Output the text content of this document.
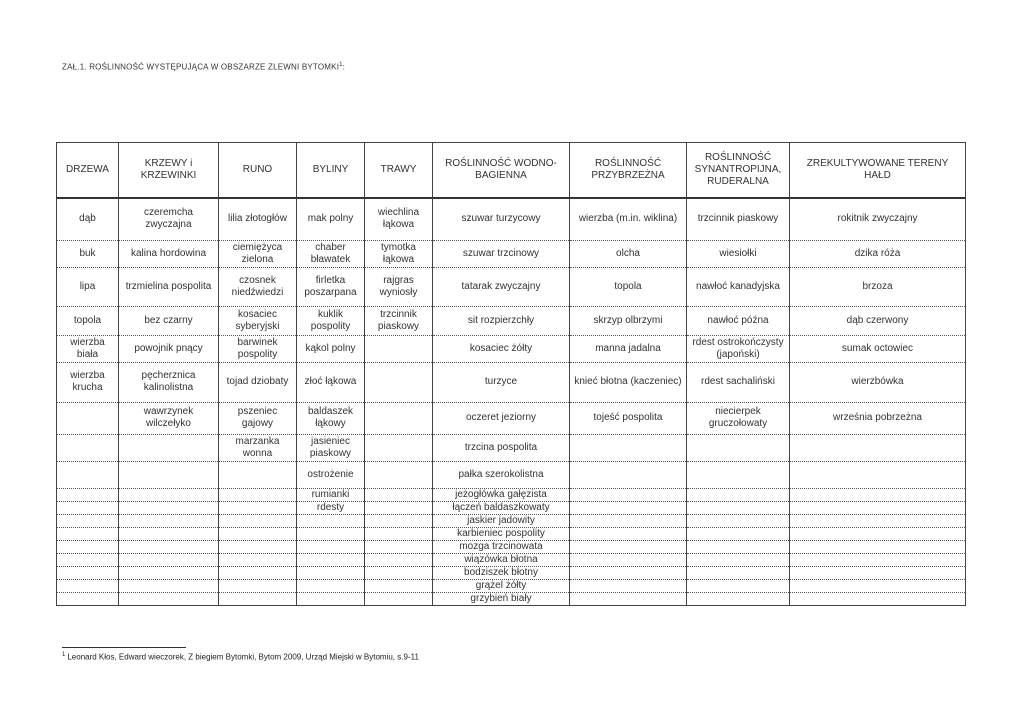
ZAŁ.1. ROŚLINNOŚĆ WYSTĘPUJĄCA W OBSZARZE ZLEWNI BYTOMKI$^1$:
DRZEWA	KRZEWY i KRZEWINKI	RUNO	BYLINY	TRAWY	ROŚLINNOŚĆ WODNO-BAGIENNA	ROŚLINNOŚĆ PRZYBRZEŻNA	ROŚLINNOŚĆ SYNANTROPIJNA, RUDERALNA	ZREKULTYWOWANE TERENY HAŁD
dąb	czeremcha zwyczajna	lilia złotogłów	mak polny	wiechlina łąkowa	szuwar turzycowy	wierzba (m.in. wiklina)	trzcinnik piaskowy	rokitnik zwyczajny
buk	kalina hordowina	ciemiężyca zielona	chaber bławatek	tymotka łąkowa	szuwar trzcinowy	olcha	wiesiołki	dzika róża
lipa	trzmielina pospolita	czosnek niedźwiedzi	firletka poszarpana	rajgras wyniosły	tatarak zwyczajny	topola	nawłoć kanadyjska	brzoza
topola	bez czarny	kosaciec syberyjski	kuklik pospolity	trzcinnik piaskowy	sit rozpierzchły	skrzyp olbrzymi	nawłoć późna	dąb czerwony
wierzba biała	powojnik pnący	barwinek pospolity	kąkol polny		kosaciec żółty	manna jadalna	rdest ostrokończysty (japoński)	sumak octowiec
wierzba krucha	pęcherznica kalinolistna	tojad dziobaty	złoć łąkowa		turzyce	knieć błotna (kaczeniec)	rdest sachaliński	wierzbówka
	wawrzynek wilczełyko	pszeniec gajowy	baldaszek łąkowy		oczeret jeziorny	tojeść pospolita	niecierpek gruczołowaty	września pobrzeżna
		marzanka wonna	jasieniec piaskowy		trzcina pospolita			
			ostrożenie		pałka szerokolistna			
			rumianki		jeżogłówka gałęzista			
			rdesty		łączeń baldaszkowaty			
					jaskier jadowity			
					karbieniec pospolity			
					mozga trzcinowata			
					wiązówka błotna			
					bodziszek błotny			
					grążel żółty			
					grzybień biały			
$^1$ Leonard Kłos, Edward wieczorek, Z biegiem Bytomki, Bytom 2009, Urząd Miejski w Bytomiu, s.9-11
